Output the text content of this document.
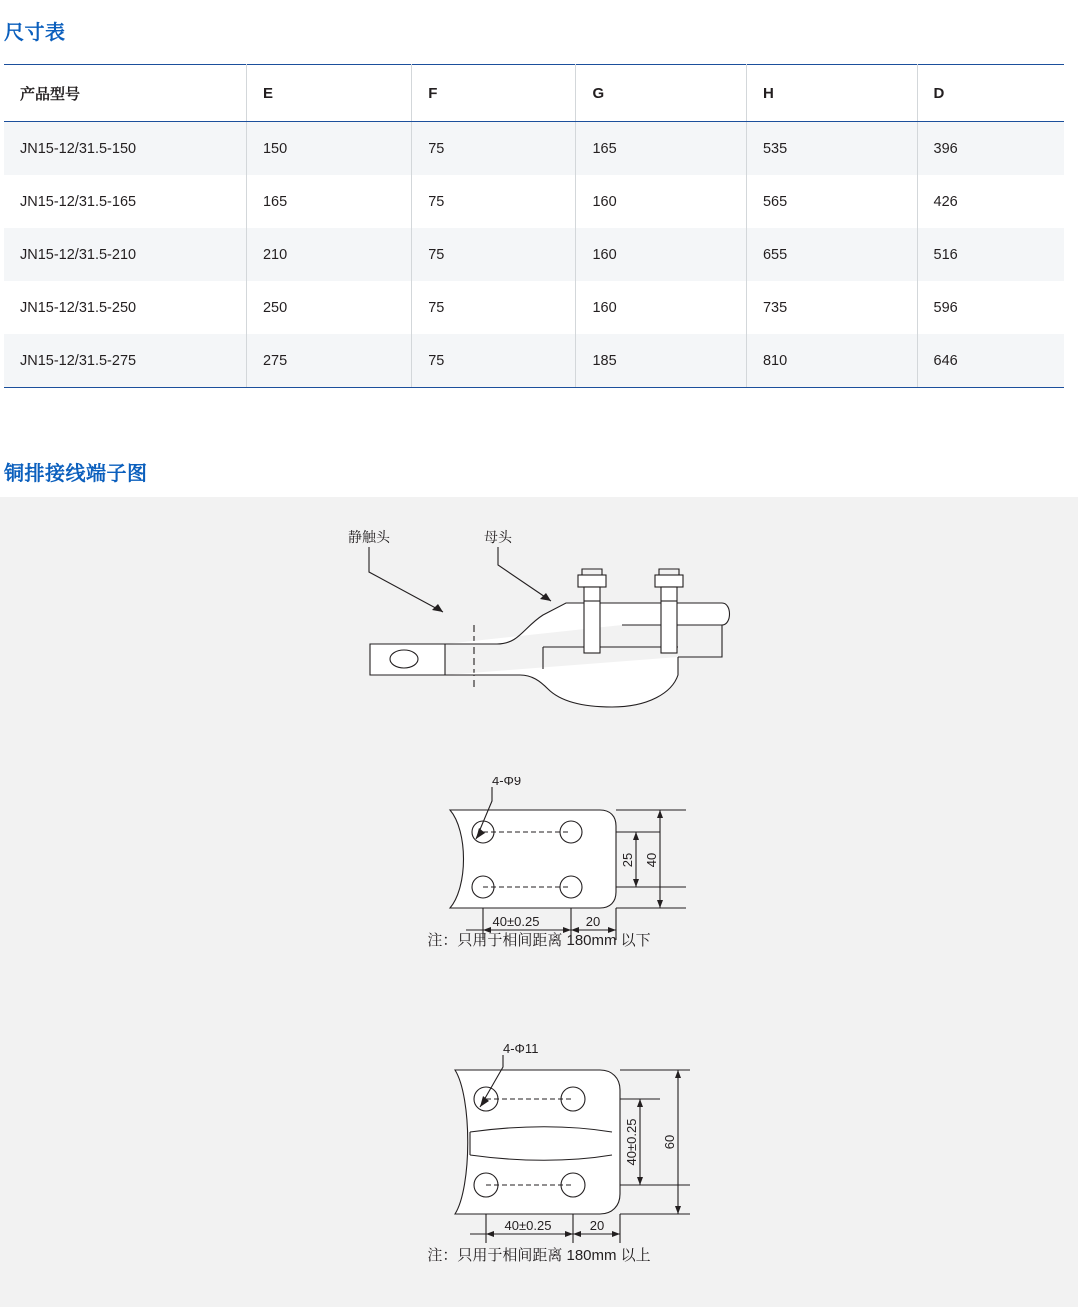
尺寸表
产品型号	E	F	G	H	D
JN15-12/31.5-150	150	75	165	535	396
JN15-12/31.5-165	165	75	160	565	426
JN15-12/31.5-210	210	75	160	655	516
JN15-12/31.5-250	250	75	160	735	596
JN15-12/31.5-275	275	75	185	810	646
铜排接线端子图
静触头	母头
4-Φ9
25 40
40±0.25	20
注：只用于相间距离 180mm 以下
4-Φ11
40±0.25 60
40±0.25	20
注：只用于相间距离 180mm 以上
